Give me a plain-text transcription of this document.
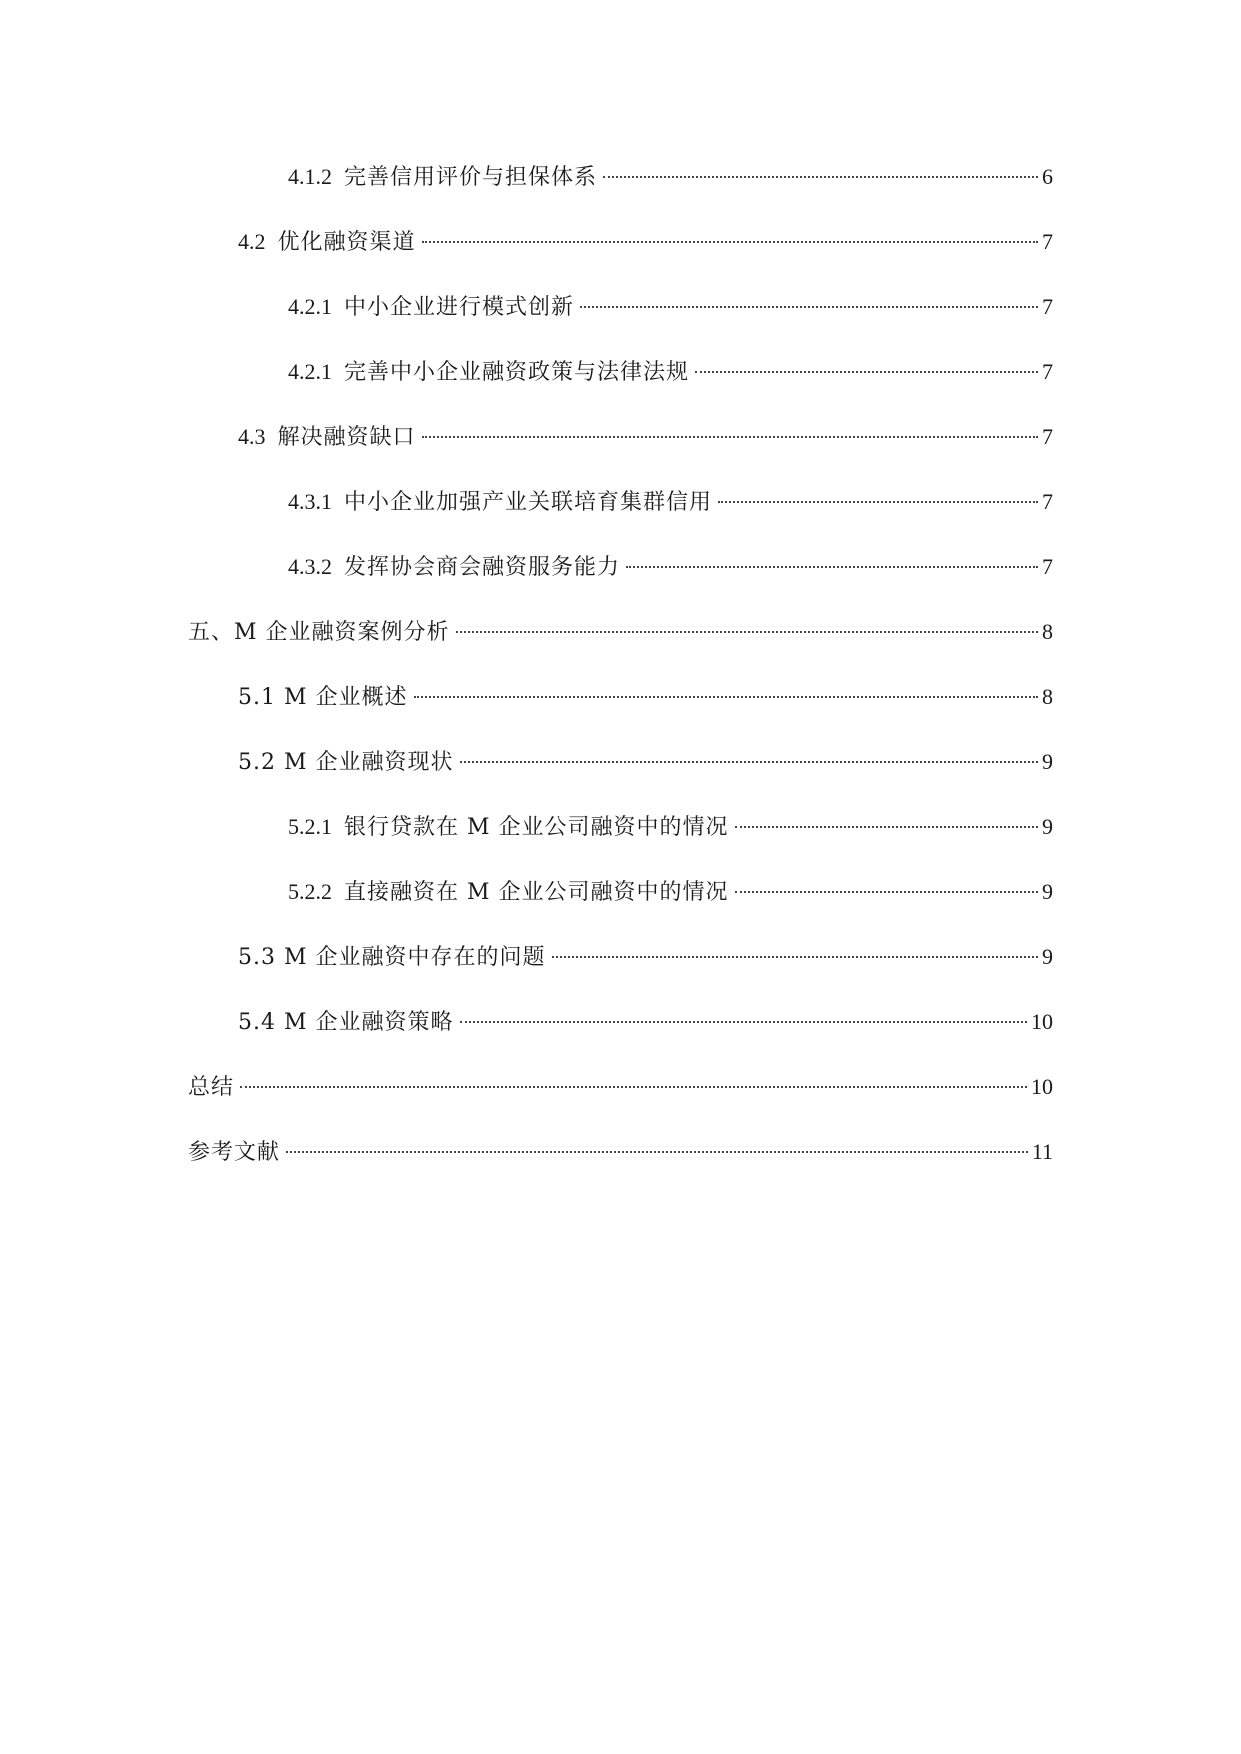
4.1.2 完善信用评价与担保体系	6
4.2 优化融资渠道	7
4.2.1 中小企业进行模式创新	7
4.2.1 完善中小企业融资政策与法律法规	7
4.3 解决融资缺口	7
4.3.1 中小企业加强产业关联培育集群信用	7
4.3.2 发挥协会商会融资服务能力	7
五、M 企业融资案例分析	8
5.1 M 企业概述	8
5.2 M 企业融资现状	9
5.2.1 银行贷款在 M 企业公司融资中的情况	9
5.2.2 直接融资在 M 企业公司融资中的情况	9
5.3 M 企业融资中存在的问题	9
5.4 M 企业融资策略	10
总结	10
参考文献	11
